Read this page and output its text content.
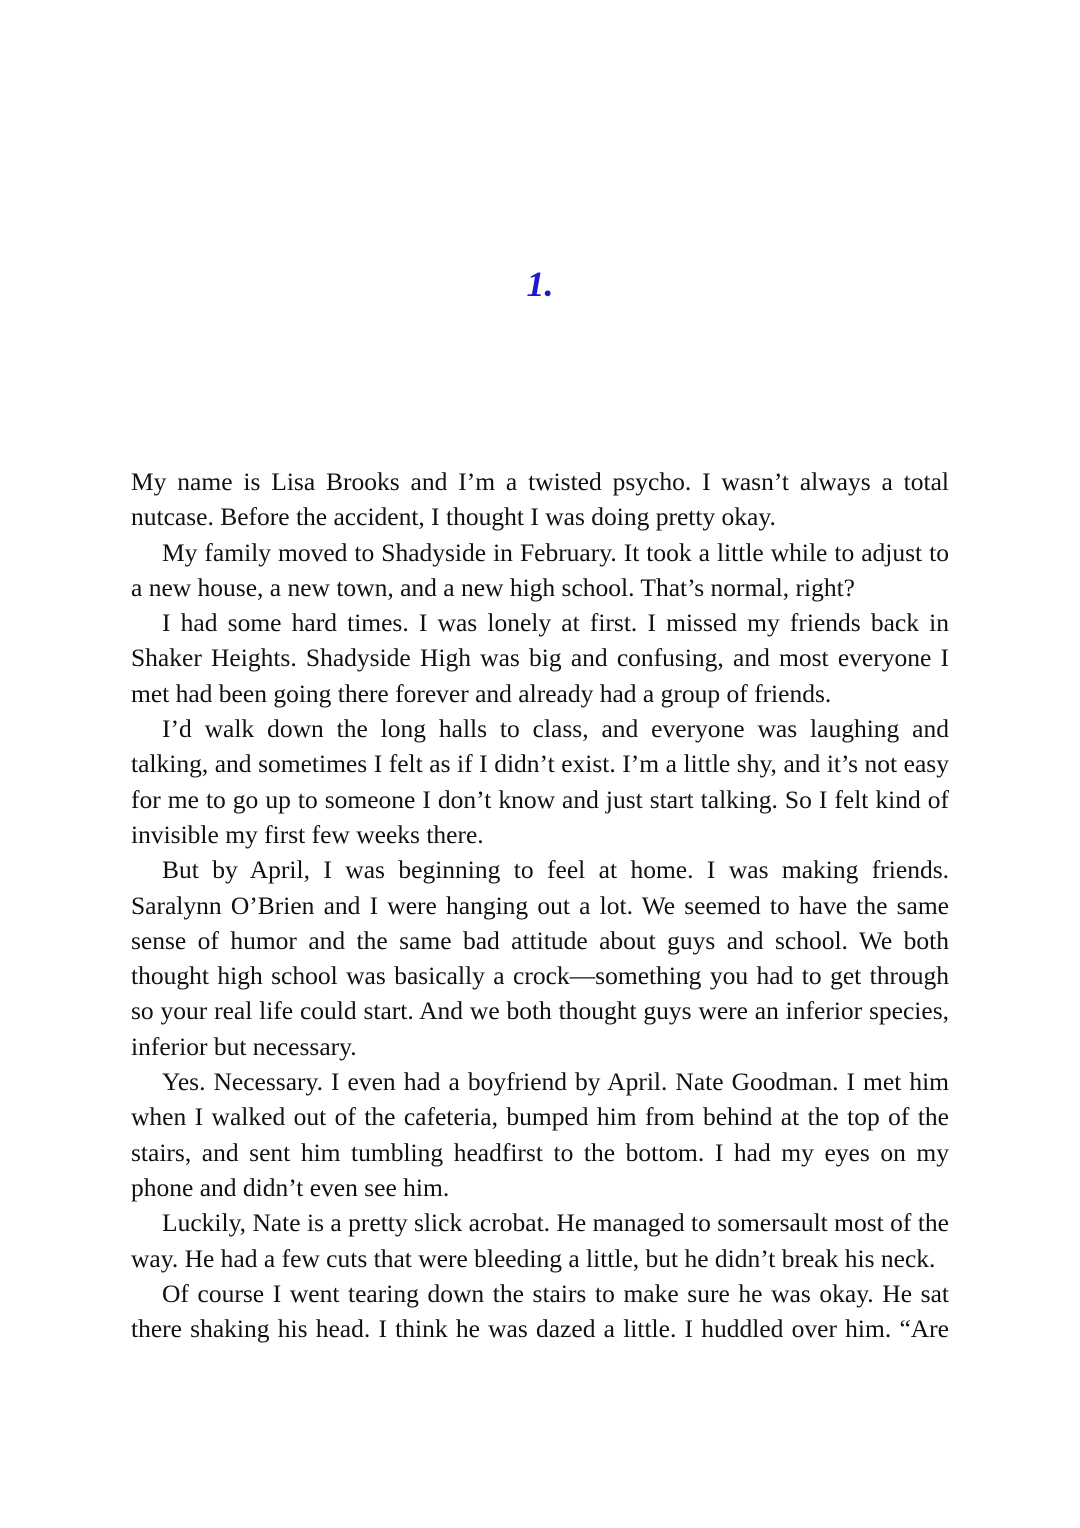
1.

My name is Lisa Brooks and I’m a twisted psycho. I wasn’t always a total nutcase. Before the accident, I thought I was doing pretty okay.

My family moved to Shadyside in February. It took a little while to adjust to a new house, a new town, and a new high school. That’s normal, right?

I had some hard times. I was lonely at first. I missed my friends back in Shaker Heights. Shadyside High was big and confusing, and most everyone I met had been going there forever and already had a group of friends.

I’d walk down the long halls to class, and everyone was laughing and talking, and sometimes I felt as if I didn’t exist. I’m a little shy, and it’s not easy for me to go up to someone I don’t know and just start talking. So I felt kind of invisible my first few weeks there.

But by April, I was beginning to feel at home. I was making friends. Saralynn O’Brien and I were hanging out a lot. We seemed to have the same sense of humor and the same bad attitude about guys and school. We both thought high school was basically a crock—something you had to get through so your real life could start. And we both thought guys were an inferior species, inferior but necessary.

Yes. Necessary. I even had a boyfriend by April. Nate Goodman. I met him when I walked out of the cafeteria, bumped him from behind at the top of the stairs, and sent him tumbling headfirst to the bottom. I had my eyes on my phone and didn’t even see him.

Luckily, Nate is a pretty slick acrobat. He managed to somersault most of the way. He had a few cuts that were bleeding a little, but he didn’t break his neck.

Of course I went tearing down the stairs to make sure he was okay. He sat there shaking his head. I think he was dazed a little. I huddled over him. “Are
